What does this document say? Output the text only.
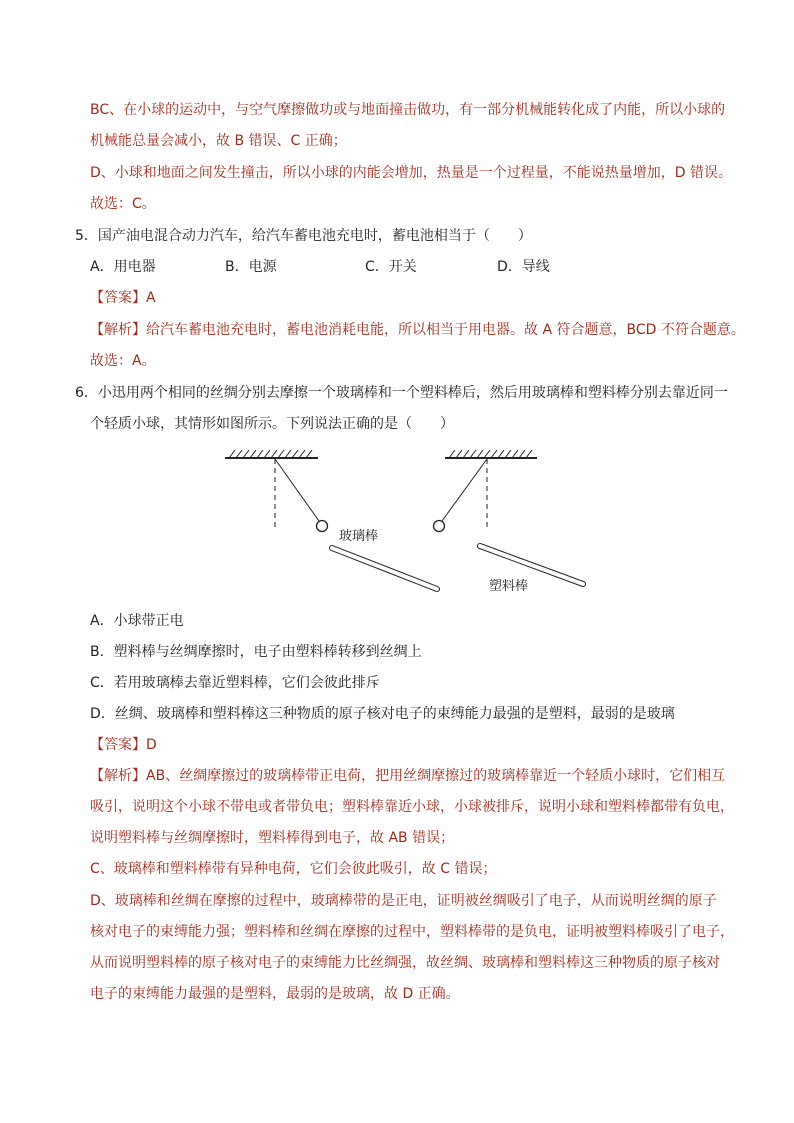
BC、在小球的运动中，与空气摩擦做功或与地面撞击做功，有一部分机械能转化成了内能，所以小球的
机械能总量会减小，故 B 错误、C 正确；
D、小球和地面之间发生撞击，所以小球的内能会增加，热量是一个过程量，不能说热量增加，D 错误。
故选：C。
5．国产油电混合动力汽车，给汽车蓄电池充电时，蓄电池相当于（　　）
A．用电器	B．电源	C．开关	D．导线
【答案】A
【解析】给汽车蓄电池充电时，蓄电池消耗电能，所以相当于用电器。故 A 符合题意，BCD 不符合题意。
故选：A。
6．小迅用两个相同的丝绸分别去摩擦一个玻璃棒和一个塑料棒后，然后用玻璃棒和塑料棒分别去靠近同一
个轻质小球，其情形如图所示。下列说法正确的是（　　）
玻璃棒
塑料棒
A．小球带正电
B．塑料棒与丝绸摩擦时，电子由塑料棒转移到丝绸上
C．若用玻璃棒去靠近塑料棒，它们会彼此排斥
D．丝绸、玻璃棒和塑料棒这三种物质的原子核对电子的束缚能力最强的是塑料，最弱的是玻璃
【答案】D
【解析】AB、丝绸摩擦过的玻璃棒带正电荷，把用丝绸摩擦过的玻璃棒靠近一个轻质小球时，它们相互
吸引，说明这个小球不带电或者带负电；塑料棒靠近小球，小球被排斥，说明小球和塑料棒都带有负电，
说明塑料棒与丝绸摩擦时，塑料棒得到电子，故 AB 错误；
C、玻璃棒和塑料棒带有异种电荷，它们会彼此吸引，故 C 错误；
D、玻璃棒和丝绸在摩擦的过程中，玻璃棒带的是正电，证明被丝绸吸引了电子，从而说明丝绸的原子
核对电子的束缚能力强；塑料棒和丝绸在摩擦的过程中，塑料棒带的是负电，证明被塑料棒吸引了电子，
从而说明塑料棒的原子核对电子的束缚能力比丝绸强，故丝绸、玻璃棒和塑料棒这三种物质的原子核对
电子的束缚能力最强的是塑料，最弱的是玻璃，故 D 正确。
